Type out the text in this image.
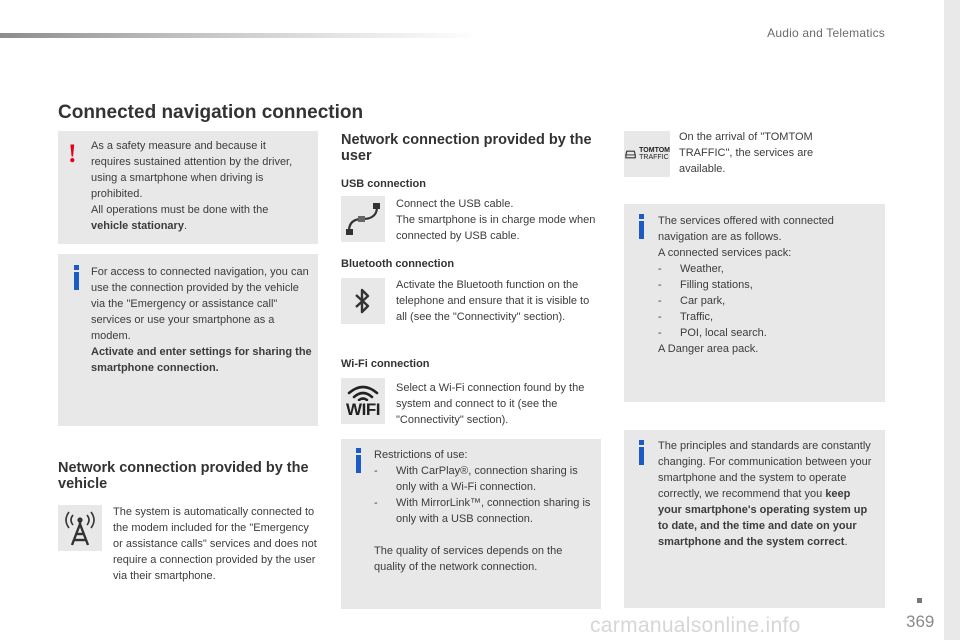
Audio and Telematics
Connected navigation connection
! As a safety measure and because it requires sustained attention by the driver, using a smartphone when driving is prohibited.
All operations must be done with the vehicle stationary.
For access to connected navigation, you can use the connection provided by the vehicle via the "Emergency or assistance call" services or use your smartphone as a modem.
Activate and enter settings for sharing the smartphone connection.
Network connection provided by the vehicle
The system is automatically connected to the modem included for the "Emergency or assistance calls" services and does not require a connection provided by the user via their smartphone.
Network connection provided by the user
USB connection
Connect the USB cable.
The smartphone is in charge mode when connected by USB cable.
Bluetooth connection
Activate the Bluetooth function on the telephone and ensure that it is visible to all (see the "Connectivity" section).
Wi-Fi connection
WIFI
Select a Wi-Fi connection found by the system and connect to it (see the "Connectivity" section).
Restrictions of use:
- With CarPlay®, connection sharing is only with a Wi-Fi connection.
- With MirrorLink™, connection sharing is only with a USB connection.
The quality of services depends on the quality of the network connection.
TOMTOM
TRAFFIC
On the arrival of "TOMTOM TRAFFIC", the services are available.
The services offered with connected navigation are as follows.
A connected services pack:
- Weather,
- Filling stations,
- Car park,
- Traffic,
- POI, local search.
A Danger area pack.
The principles and standards are constantly changing. For communication between your smartphone and the system to operate correctly, we recommend that you keep your smartphone's operating system up to date, and the time and date on your smartphone and the system correct.
carmanualsonline.info	369
